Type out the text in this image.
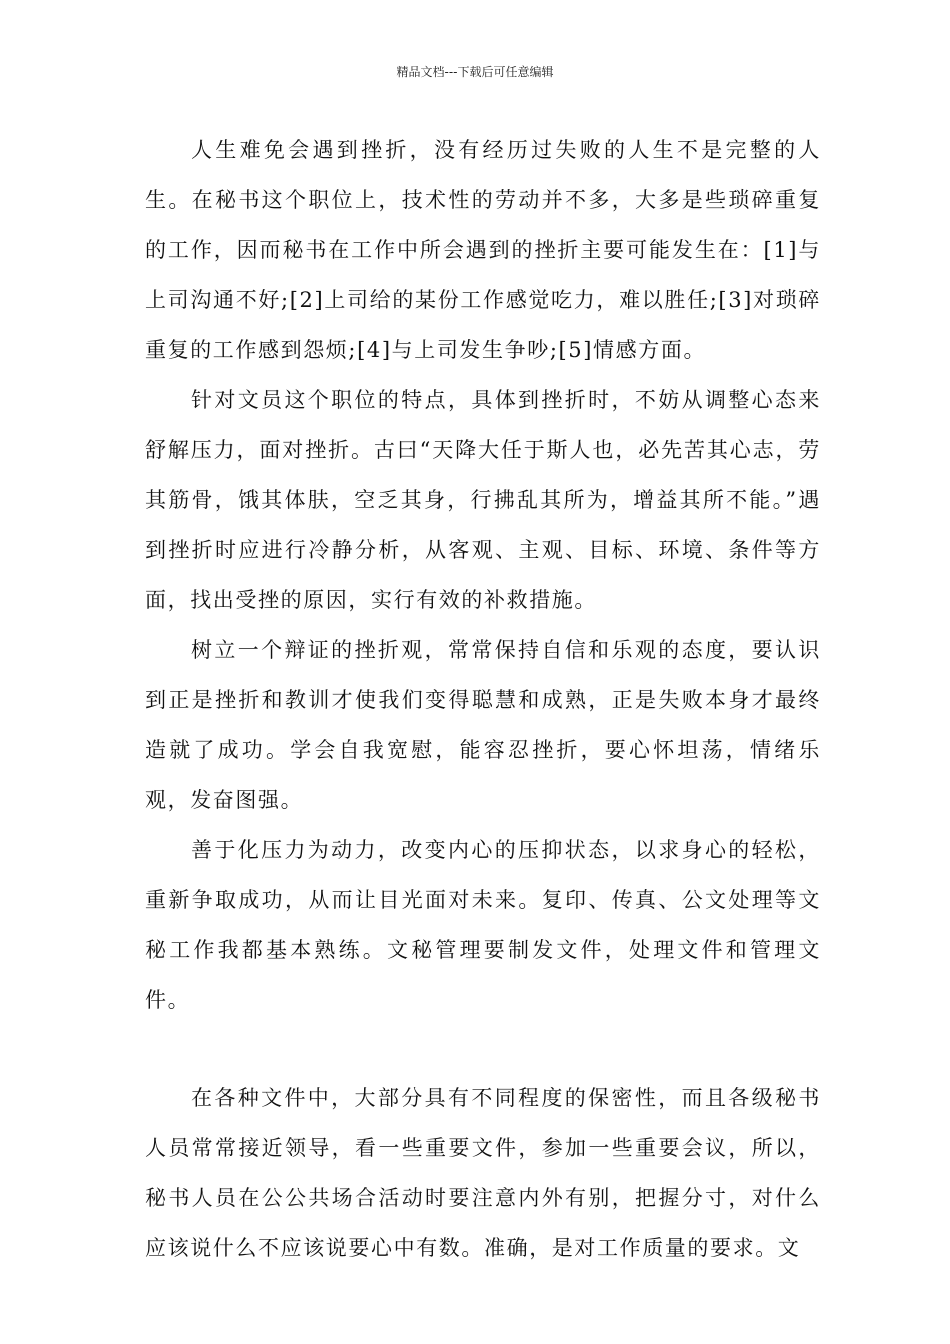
精品文档---下载后可任意编辑

人生难免会遇到挫折，没有经历过失败的人生不是完整的人生。在秘书这个职位上，技术性的劳动并不多，大多是些琐碎重复的工作，因而秘书在工作中所会遇到的挫折主要可能发生在：[1]与上司沟通不好;[2]上司给的某份工作感觉吃力，难以胜任;[3]对琐碎重复的工作感到怨烦;[4]与上司发生争吵;[5]情感方面。

针对文员这个职位的特点，具体到挫折时，不妨从调整心态来舒解压力，面对挫折。古曰“天降大任于斯人也，必先苦其心志，劳其筋骨，饿其体肤，空乏其身，行拂乱其所为，增益其所不能。”遇到挫折时应进行冷静分析，从客观、主观、目标、环境、条件等方面，找出受挫的原因，实行有效的补救措施。

树立一个辩证的挫折观，常常保持自信和乐观的态度，要认识到正是挫折和教训才使我们变得聪慧和成熟，正是失败本身才最终造就了成功。学会自我宽慰，能容忍挫折，要心怀坦荡，情绪乐观，发奋图强。

善于化压力为动力，改变内心的压抑状态，以求身心的轻松，重新争取成功，从而让目光面对未来。复印、传真、公文处理等文秘工作我都基本熟练。文秘管理要制发文件，处理文件和管理文件。

在各种文件中，大部分具有不同程度的保密性，而且各级秘书人员常常接近领导，看一些重要文件，参加一些重要会议，所以，秘书人员在公公共场合活动时要注意内外有别，把握分寸，对什么应该说什么不应该说要心中有数。准确，是对工作质量的要求。文
